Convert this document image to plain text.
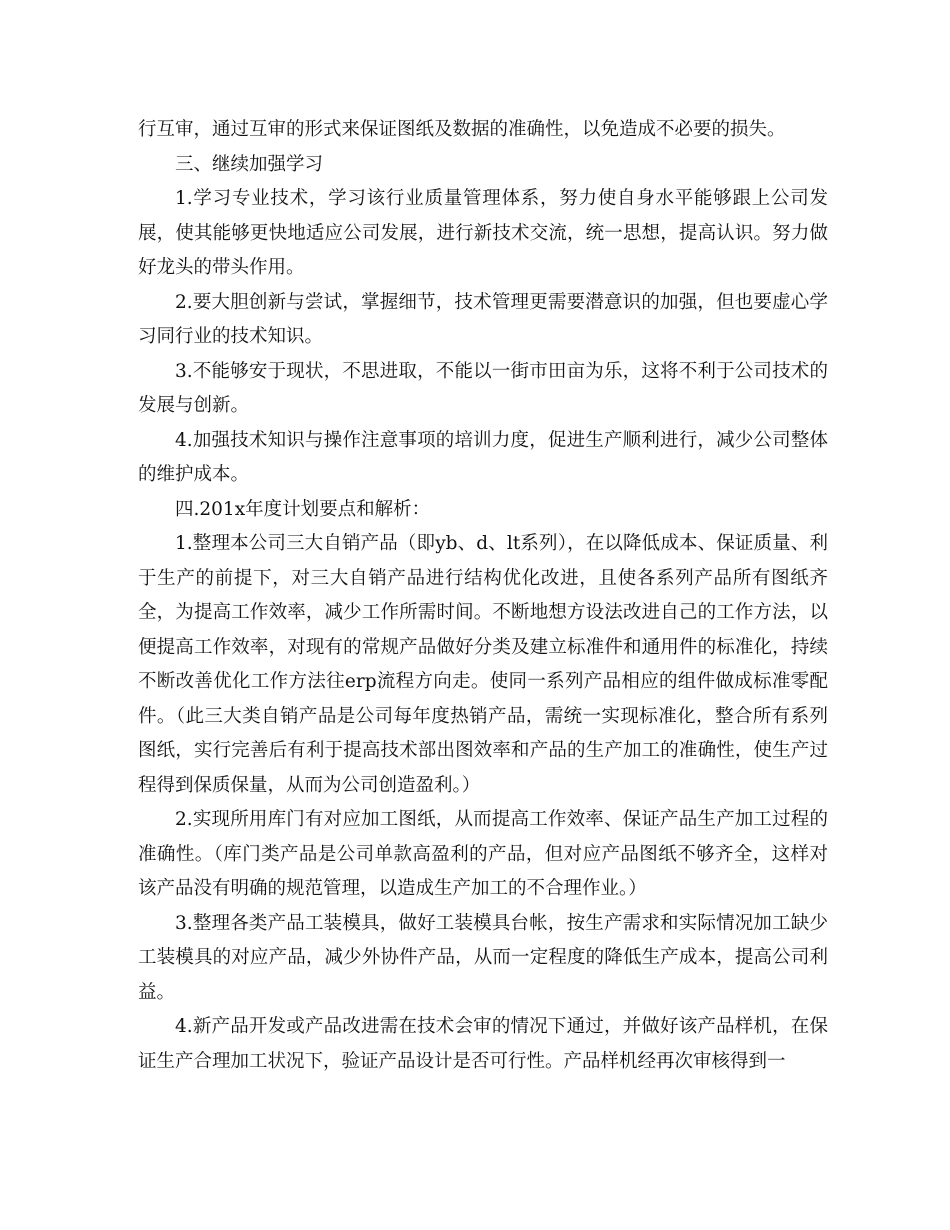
行互审，通过互审的形式来保证图纸及数据的准确性，以免造成不必要的损失。

三、继续加强学习

1.学习专业技术，学习该行业质量管理体系，努力使自身水平能够跟上公司发展，使其能够更快地适应公司发展，进行新技术交流，统一思想，提高认识。努力做好龙头的带头作用。

2.要大胆创新与尝试，掌握细节，技术管理更需要潜意识的加强，但也要虚心学习同行业的技术知识。

3.不能够安于现状，不思进取，不能以一街市田亩为乐，这将不利于公司技术的发展与创新。

4.加强技术知识与操作注意事项的培训力度，促进生产顺利进行，减少公司整体的维护成本。

四.201x年度计划要点和解析：

1.整理本公司三大自销产品（即yb、d、lt系列），在以降低成本、保证质量、利于生产的前提下，对三大自销产品进行结构优化改进，且使各系列产品所有图纸齐全，为提高工作效率，减少工作所需时间。不断地想方设法改进自己的工作方法，以便提高工作效率，对现有的常规产品做好分类及建立标准件和通用件的标准化，持续不断改善优化工作方法往erp流程方向走。使同一系列产品相应的组件做成标准零配件。（此三大类自销产品是公司每年度热销产品，需统一实现标准化，整合所有系列图纸，实行完善后有利于提高技术部出图效率和产品的生产加工的准确性，使生产过程得到保质保量，从而为公司创造盈利。）

2.实现所用库门有对应加工图纸，从而提高工作效率、保证产品生产加工过程的准确性。（库门类产品是公司单款高盈利的产品，但对应产品图纸不够齐全，这样对该产品没有明确的规范管理，以造成生产加工的不合理作业。）

3.整理各类产品工装模具，做好工装模具台帐，按生产需求和实际情况加工缺少工装模具的对应产品，减少外协件产品，从而一定程度的降低生产成本，提高公司利益。

4.新产品开发或产品改进需在技术会审的情况下通过，并做好该产品样机，在保证生产合理加工状况下，验证产品设计是否可行性。产品样机经再次审核得到一
